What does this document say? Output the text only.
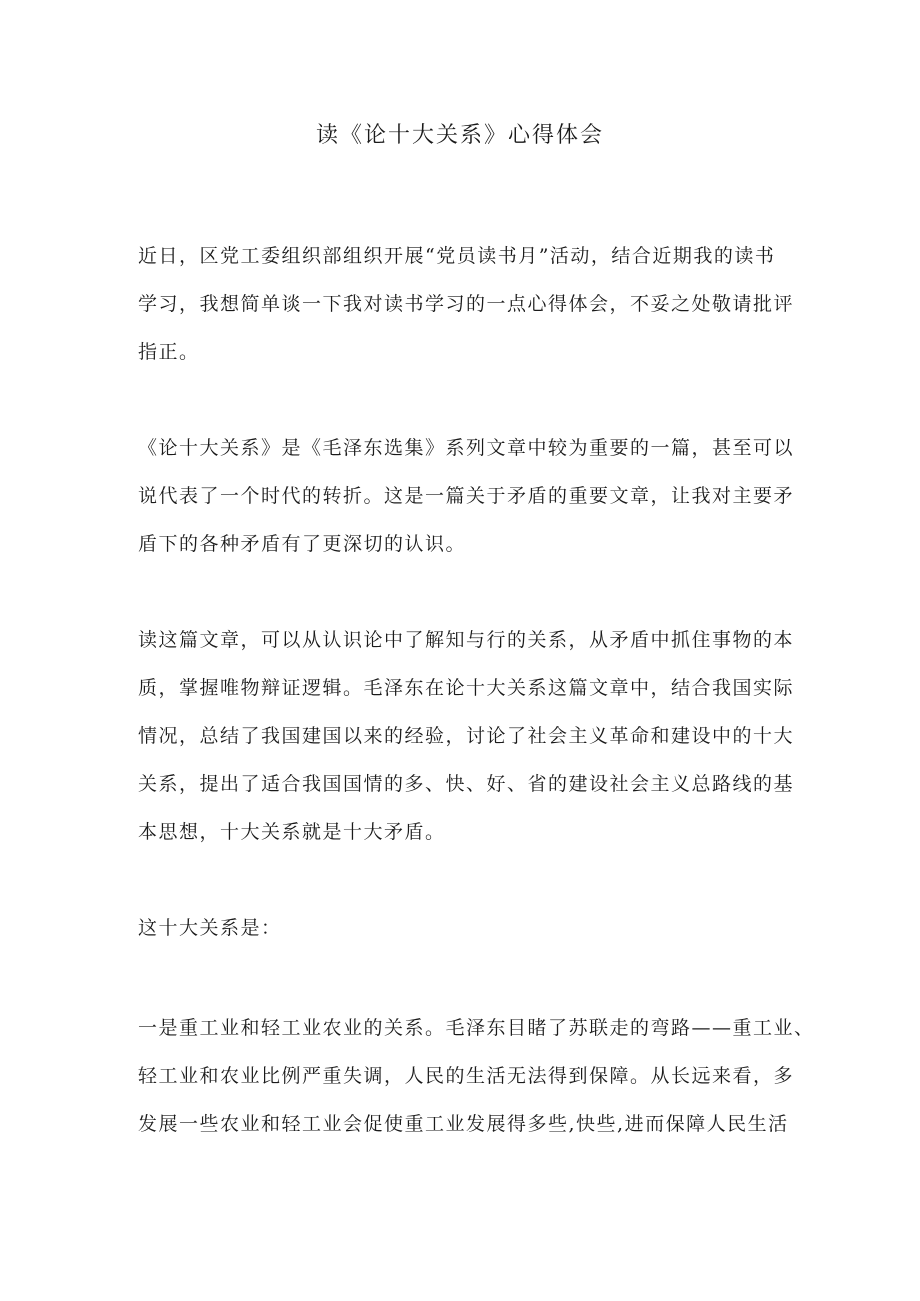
读《论十大关系》心得体会
近日，区党工委组织部组织开展“党员读书月”活动，结合近期我的读书
学习，我想简单谈一下我对读书学习的一点心得体会，不妥之处敬请批评
指正。
《论十大关系》是《毛泽东选集》系列文章中较为重要的一篇，甚至可以
说代表了一个时代的转折。这是一篇关于矛盾的重要文章，让我对主要矛
盾下的各种矛盾有了更深切的认识。
读这篇文章，可以从认识论中了解知与行的关系，从矛盾中抓住事物的本
质，掌握唯物辩证逻辑。毛泽东在论十大关系这篇文章中，结合我国实际
情况，总结了我国建国以来的经验，讨论了社会主义革命和建设中的十大
关系，提出了适合我国国情的多、快、好、省的建设社会主义总路线的基
本思想，十大关系就是十大矛盾。
这十大关系是：
一是重工业和轻工业农业的关系。毛泽东目睹了苏联走的弯路——重工业、
轻工业和农业比例严重失调，人民的生活无法得到保障。从长远来看，多
发展一些农业和轻工业会促使重工业发展得多些,快些,进而保障人民生活
